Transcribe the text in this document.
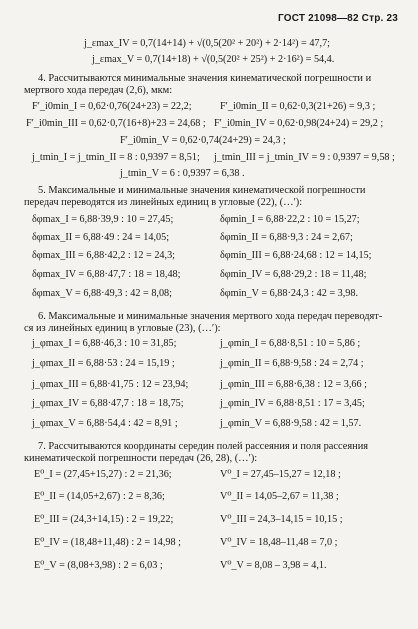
ГОСТ 21098—82 Стр. 23
j_εmax_IV = 0,7(14+14) + √(0,5(20² + 20²) + 2·14²) = 47,7;
j_εmax_V = 0,7(14+18) + √(0,5(20² + 25²) + 2·16²) = 54,4.
4. Рассчитываются минимальные значения кинематической погрешности и
мертвого хода передач (2,6), мкм:
F′_i0min_I = 0,62·0,76(24+23) = 22,2;	F′_i0min_II = 0,62·0,3(21+26) = 9,3 ;
F′_i0min_III = 0,62·0,7(16+8)+23 = 24,68 ; F′_i0min_IV = 0,62·0,98(24+24) = 29,2 ;
F′_i0min_V = 0,62·0,74(24+29) = 24,3 ;
j_tmin_I = j_tmin_II = 8 : 0,9397 = 8,51; j_tmin_III = j_tmin_IV = 9 : 0,9397 = 9,58 ;
j_tmin_V = 6 : 0,9397 = 6,38 .
5. Максимальные и минимальные значения кинематической погрешности
передач переводятся из линейных единиц в угловые (22), (…′):
δφmax_I = 6,88·39,9 : 10 = 27,45;	δφmin_I = 6,88·22,2 : 10 = 15,27;
δφmax_II = 6,88·49 : 24 = 14,05;	δφmin_II = 6,88·9,3 : 24 = 2,67;
δφmax_III = 6,88·42,2 : 12 = 24,3;	δφmin_III = 6,88·24,68 : 12 = 14,15;
δφmax_IV = 6,88·47,7 : 18 = 18,48;	δφmin_IV = 6,88·29,2 : 18 = 11,48;
δφmax_V = 6,88·49,3 : 42 = 8,08;	δφmin_V = 6,88·24,3 : 42 = 3,98.
6. Максимальные и минимальные значения мертвого хода передач переводят-
ся из линейных единиц в угловые (23), (…′):
j_φmax_I = 6,88·46,3 : 10 = 31,85;	j_φmin_I = 6,88·8,51 : 10 = 5,86 ;
j_φmax_II = 6,88·53 : 24 = 15,19 ;	j_φmin_II = 6,88·9,58 : 24 = 2,74 ;
j_φmax_III = 6,88·41,75 : 12 = 23,94;	j_φmin_III = 6,88·6,38 : 12 = 3,66 ;
j_φmax_IV = 6,88·47,7 : 18 = 18,75;	j_φmin_IV = 6,88·8,51 : 17 = 3,45;
j_φmax_V = 6,88·54,4 : 42 = 8,91 ;	j_φmin_V = 6,88·9,58 : 42 = 1,57.
7. Рассчитываются координаты середин полей рассеяния и поля рассеяния
кинематической погрешности передач (26, 28), (…′):
E⁰_I = (27,45+15,27) : 2 = 21,36;	V⁰_I = 27,45–15,27 = 12,18 ;
E⁰_II = (14,05+2,67) : 2 = 8,36;	V⁰_II = 14,05–2,67 = 11,38 ;
E⁰_III = (24,3+14,15) : 2 = 19,22;	V⁰_III = 24,3–14,15 = 10,15 ;
E⁰_IV = (18,48+11,48) : 2 = 14,98 ;	V⁰_IV = 18,48–11,48 = 7,0 ;
E⁰_V = (8,08+3,98) : 2 = 6,03 ;	V⁰_V = 8,08 – 3,98 = 4,1.
